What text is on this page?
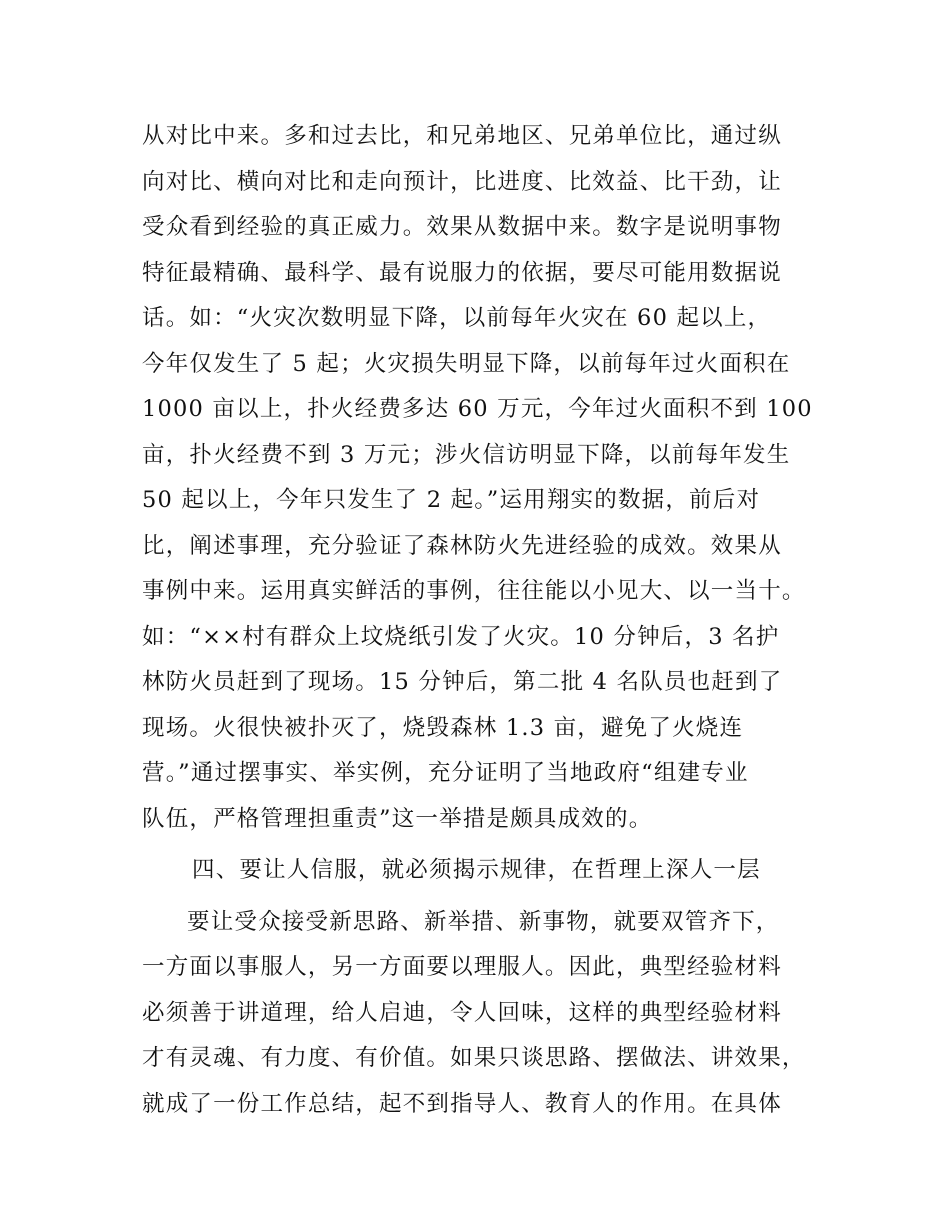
从对比中来。多和过去比，和兄弟地区、兄弟单位比，通过纵
向对比、横向对比和走向预计，比进度、比效益、比干劲，让
受众看到经验的真正威力。效果从数据中来。数字是说明事物
特征最精确、最科学、最有说服力的依据，要尽可能用数据说
话。如：“火灾次数明显下降，以前每年火灾在 60 起以上，
今年仅发生了 5 起；火灾损失明显下降，以前每年过火面积在
1000 亩以上，扑火经费多达 60 万元，今年过火面积不到 100
亩，扑火经费不到 3 万元；涉火信访明显下降，以前每年发生
50 起以上，今年只发生了 2 起。”运用翔实的数据，前后对
比，阐述事理，充分验证了森林防火先进经验的成效。效果从
事例中来。运用真实鲜活的事例，往往能以小见大、以一当十。
如：“××村有群众上坟烧纸引发了火灾。10 分钟后，3 名护
林防火员赶到了现场。15 分钟后，第二批 4 名队员也赶到了
现场。火很快被扑灭了，烧毁森林 1.3 亩，避免了火烧连
营。”通过摆事实、举实例，充分证明了当地政府“组建专业
队伍，严格管理担重责”这一举措是颇具成效的。
四、要让人信服，就必须揭示规律，在哲理上深人一层
要让受众接受新思路、新举措、新事物，就要双管齐下，
一方面以事服人，另一方面要以理服人。因此，典型经验材料
必须善于讲道理，给人启迪，令人回味，这样的典型经验材料
才有灵魂、有力度、有价值。如果只谈思路、摆做法、讲效果，
就成了一份工作总结，起不到指导人、教育人的作用。在具体
